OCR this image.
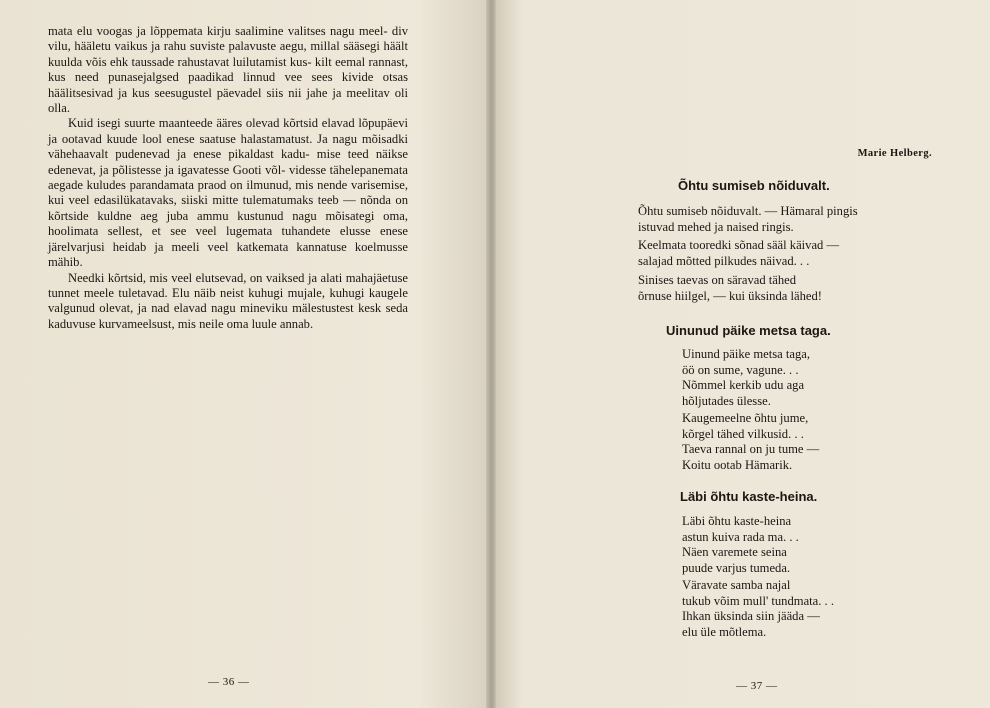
mata elu voogas ja lõppemata kirju saalimine valitses nagu meel- div vilu, hääletu vaikus ja rahu suviste palavuste aegu, millal sääsegi häält kuulda võis ehk taussade rahustavat luilutamist kus- kilt eemal rannast, kus need punasejalgsed paadikad linnud vee sees kivide otsas häälitsesivad ja kus seesugustel päevadel siis nii jahe ja meelitav oli olla.

Kuid isegi suurte maanteede ääres olevad kõrtsid elavad lõpupäevi ja ootavad kuude lool enese saatuse halastamatust. Ja nagu mõisadki vähehaavalt pudenevad ja enese pikaldast kadu- mise teed näikse edenevat, ja põlistesse ja igavatesse Gooti võl- videsse tähelepanemata aegade kuludes parandamata praod on ilmunud, mis nende varisemise, kui veel edasilükatavaks, siiski mitte tulematumaks teeb — nõnda on kõrtside kuldne aeg juba ammu kustunud nagu mõisategi oma, hoolimata sellest, et see veel lugemata tuhandete elusse enese järelvarjusi heidab ja meeli veel katkemata kannatuse koelmusse mähib.

Needki kõrtsid, mis veel elutsevad, on vaiksed ja alati mahajäetuse tunnet meele tuletavad. Elu näib neist kuhugi mujale, kuhugi kaugele valgunud olevat, ja nad elavad nagu mineviku mälestustest kesk seda kaduvuse kurvameelsust, mis neile oma luule annab.

— 36 —
Marie Helberg.
Õhtu sumiseb nõiduvalt.
Õhtu sumiseb nõiduvalt. — Hämaral pingis
istuvad mehed ja naised ringis.
Keelmata tooredki sõnad sääl käivad —
salajad mõtted pilkudes näivad. . .
Sinises taevas on säravad tähed
õrnuse hiilgel, — kui üksinda lähed!
Uinunud päike metsa taga.
Uinund päike metsa taga,
öö on sume, vagune. . .
Nõmmel kerkib udu aga
hõljutades ülesse.
Kaugemeelne õhtu jume,
kõrgel tähed vilkusid. . .
Taeva rannal on ju tume —
Koitu ootab Hämarik.
Läbi õhtu kaste-heina.
Läbi õhtu kaste-heina
astun kuiva rada ma. . .
Näen varemete seina
puude varjus tumeda.
Väravate samba najal
tukub võim mull' tundmata. . .
Ihkan üksinda siin jääda —
elu üle mõtlema.
— 37 —
